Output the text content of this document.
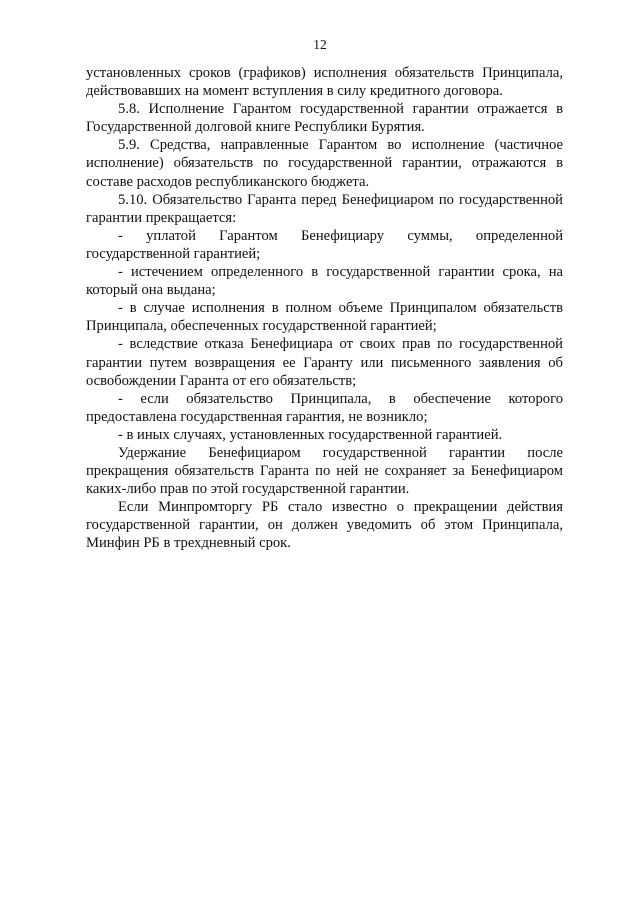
12

установленных сроков (графиков) исполнения обязательств Принципала, действовавших на момент вступления в силу кредитного договора.

5.8. Исполнение Гарантом государственной гарантии отражается в Государственной долговой книге Республики Бурятия.

5.9. Средства, направленные Гарантом во исполнение (частичное исполнение) обязательств по государственной гарантии, отражаются в составе расходов республиканского бюджета.

5.10. Обязательство Гаранта перед Бенефициаром по государственной гарантии прекращается:

- уплатой Гарантом Бенефициару суммы, определенной государственной гарантией;

- истечением определенного в государственной гарантии срока, на который она выдана;

- в случае исполнения в полном объеме Принципалом обязательств Принципала, обеспеченных государственной гарантией;

- вследствие отказа Бенефициара от своих прав по государственной гарантии путем возвращения ее Гаранту или письменного заявления об освобождении Гаранта от его обязательств;

- если обязательство Принципала, в обеспечение которого предоставлена государственная гарантия, не возникло;

- в иных случаях, установленных государственной гарантией.

Удержание Бенефициаром государственной гарантии после прекращения обязательств Гаранта по ней не сохраняет за Бенефициаром каких-либо прав по этой государственной гарантии.

Если Минпромторгу РБ стало известно о прекращении действия государственной гарантии, он должен уведомить об этом Принципала, Минфин РБ в трехдневный срок.
